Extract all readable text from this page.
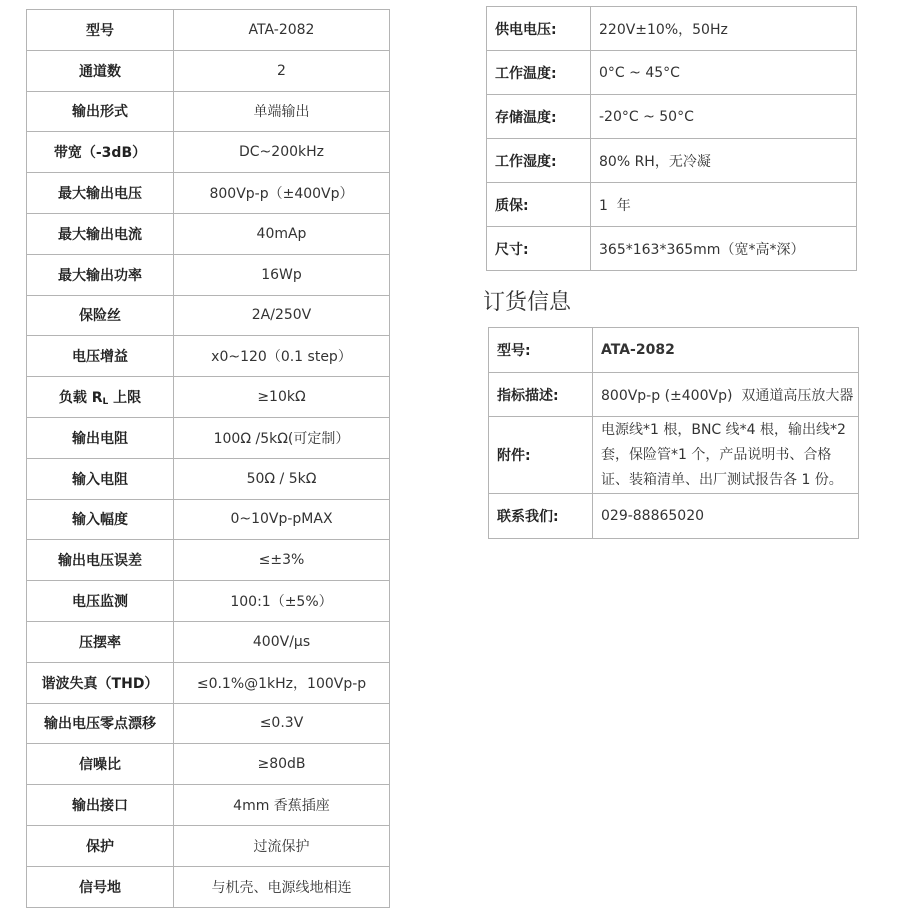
型号	ATA-2082
通道数	2
输出形式	单端输出
带宽（-3dB）	DC~200kHz
最大输出电压	800Vp-p（±400Vp）
最大输出电流	40mAp
最大输出功率	16Wp
保险丝	2A/250V
电压增益	x0~120（0.1 step）
负载 $R_L$ 上限	≥10kΩ
输出电阻	100Ω /5kΩ(可定制）
输入电阻	50Ω / 5kΩ
输入幅度	0~10Vp-pMAX
输出电压误差	≤±3%
电压监测	100:1（±5%）
压摆率	400V/μs
谐波失真（THD）	≤0.1%@1kHz，100Vp-p
输出电压零点漂移	≤0.3V
信噪比	≥80dB
输出接口	4mm 香蕉插座
保护	过流保护
信号地	与机壳、电源线地相连
供电电压:	220V±10%，50Hz
工作温度:	0°C ~ 45°C
存储温度:	-20°C ~ 50°C
工作湿度:	80% RH，无冷凝
质保:	1  年
尺寸:	365*163*365mm（宽*高*深）
订货信息
型号:	ATA-2082
指标描述:	800Vp-p (±400Vp)  双通道高压放大器
附件:	电源线*1 根，BNC 线*4 根，输出线*2 套，保险管*1 个，产品说明书、合格证、装箱清单、出厂测试报告各 1 份。
联系我们:	029-88865020
